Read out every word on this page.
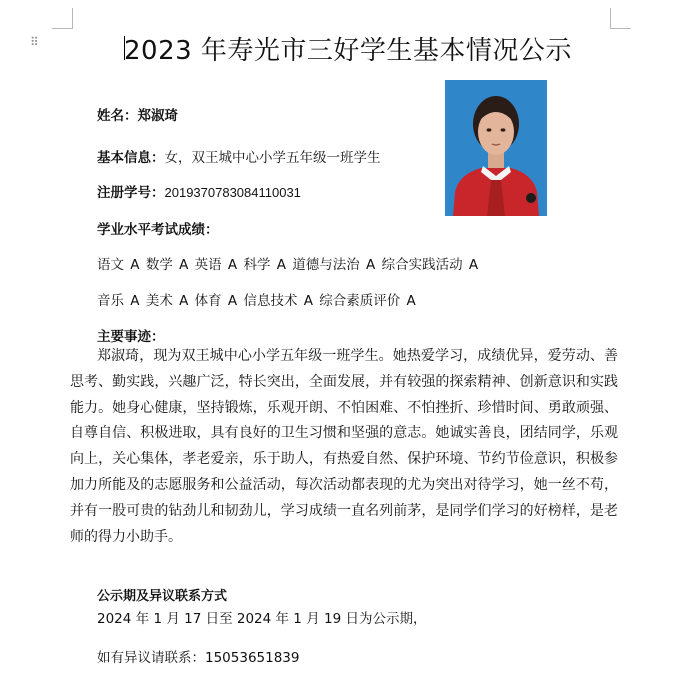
⠿	2023 年寿光市三好学生基本情况公示
姓名：郑淑琦
基本信息：女，双王城中心小学五年级一班学生
注册学号：2019370783084110031
学业水平考试成绩：
语文 A 数学 A 英语 A 科学 A 道德与法治 A 综合实践活动 A
音乐 A 美术 A 体育 A 信息技术 A 综合素质评价 A
主要事迹：

郑淑琦，现为双王城中心小学五年级一班学生。她热爱学习，成绩优异，爱劳动、善思考、勤实践，兴趣广泛，特长突出，全面发展，并有较强的探索精神、创新意识和实践能力。她身心健康，坚持锻炼，乐观开朗、不怕困难、不怕挫折、珍惜时间、勇敢顽强、自尊自信、积极进取，具有良好的卫生习惯和坚强的意志。她诚实善良，团结同学，乐观向上，关心集体，孝老爱亲，乐于助人，有热爱自然、保护环境、节约节俭意识，积极参加力所能及的志愿服务和公益活动，每次活动都表现的尤为突出对待学习，她一丝不苟，并有一股可贵的钻劲儿和韧劲儿，学习成绩一直名列前茅，是同学们学习的好榜样，是老师的得力小助手。

公示期及异议联系方式
2024 年 1 月 17 日至 2024 年 1 月 19 日为公示期，
如有异议请联系：15053651839
